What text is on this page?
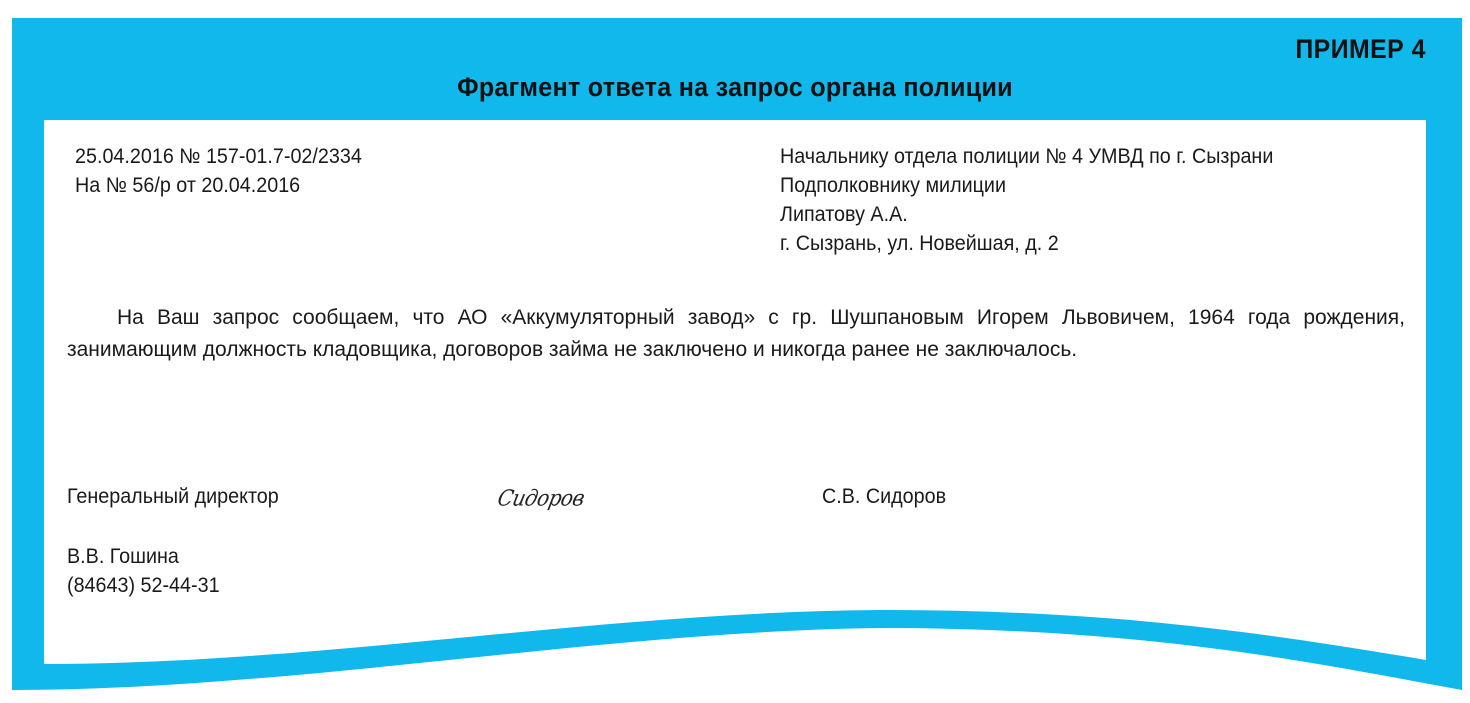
ПРИМЕР 4
Фрагмент ответа на запрос органа полиции
25.04.2016 № 157-01.7-02/2334
На № 56/р от 20.04.2016
Начальнику отдела полиции № 4 УМВД по г. Сызрани
Подполковнику милиции
Липатову А.А.
г. Сызрань, ул. Новейшая, д. 2
На Ваш запрос сообщаем, что АО «Аккумуляторный завод» с гр. Шушпановым Игорем Львовичем, 1964 года рождения, занимающим должность кладовщика, договоров займа не заключено и никогда ранее не заключалось.
Генеральный директор	Сидоров	С.В. Сидоров
В.В. Гошина
(84643) 52-44-31
